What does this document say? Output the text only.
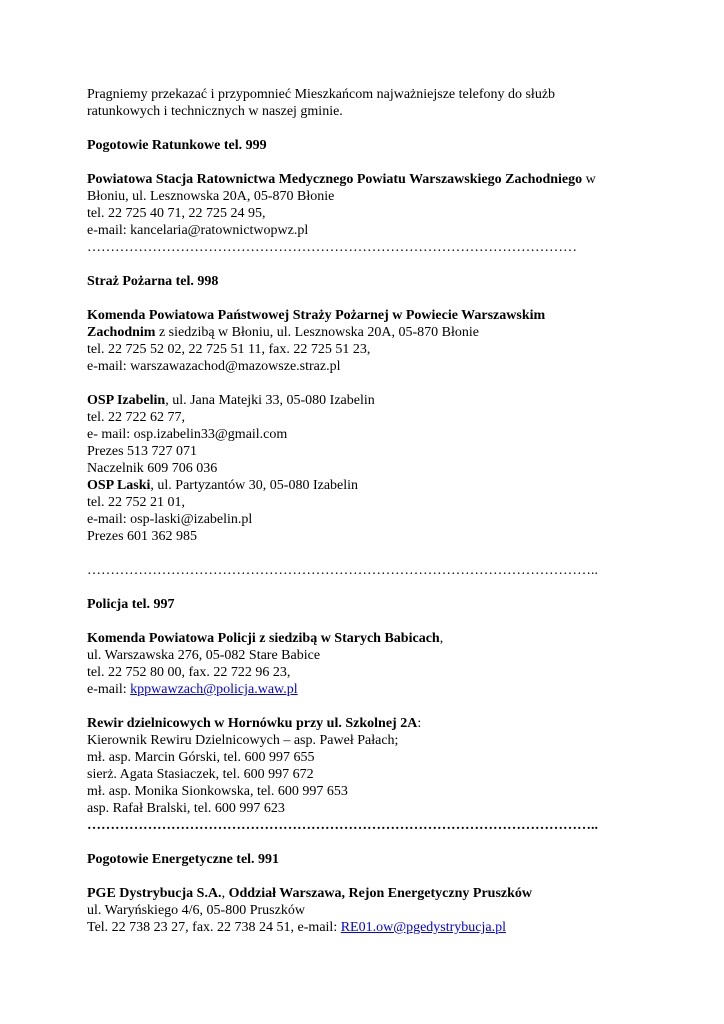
Pragniemy przekazać i przypomnieć Mieszkańcom najważniejsze telefony do służb
ratunkowych i technicznych w naszej gminie.
Pogotowie Ratunkowe tel. 999
Powiatowa Stacja Ratownictwa Medycznego Powiatu Warszawskiego Zachodniego w
Błoniu, ul. Lesznowska 20A, 05-870 Błonie
tel. 22 725 40 71, 22 725 24 95,
e-mail: kancelaria@ratownictwopwz.pl
……………………………………………………………………………………………
Straż Pożarna tel. 998
Komenda Powiatowa Państwowej Straży Pożarnej w Powiecie Warszawskim
Zachodnim z siedzibą w Błoniu, ul. Lesznowska 20A, 05-870 Błonie
tel. 22 725 52 02, 22 725 51 11, fax. 22 725 51 23,
e-mail: warszawazachod@mazowsze.straz.pl
OSP Izabelin, ul. Jana Matejki 33, 05-080 Izabelin
tel. 22 722 62 77,
e- mail: osp.izabelin33@gmail.com
Prezes 513 727 071
Naczelnik 609 706 036
OSP Laski, ul. Partyzantów 30, 05-080 Izabelin
tel. 22 752 21 01,
e-mail: osp-laski@izabelin.pl
Prezes 601 362 985
………………………………………………………………………………………………..
Policja tel. 997
Komenda Powiatowa Policji z siedzibą w Starych Babicach,
ul. Warszawska 276, 05-082 Stare Babice
tel. 22 752 80 00, fax. 22 722 96 23,
e-mail: kppwawzach@policja.waw.pl
Rewir dzielnicowych w Hornówku przy ul. Szkolnej 2A:
Kierownik Rewiru Dzielnicowych – asp. Paweł Pałach;
mł. asp. Marcin Górski, tel. 600 997 655
sierż. Agata Stasiaczek, tel. 600 997 672
mł. asp. Monika Sionkowska, tel. 600 997 653
asp. Rafał Bralski, tel. 600 997 623
………………………………………………………………………………………………..
Pogotowie Energetyczne tel. 991
PGE Dystrybucja S.A., Oddział Warszawa, Rejon Energetyczny Pruszków
ul. Waryńskiego 4/6, 05-800 Pruszków
Tel. 22 738 23 27, fax. 22 738 24 51, e-mail: RE01.ow@pgedystrybucja.pl
